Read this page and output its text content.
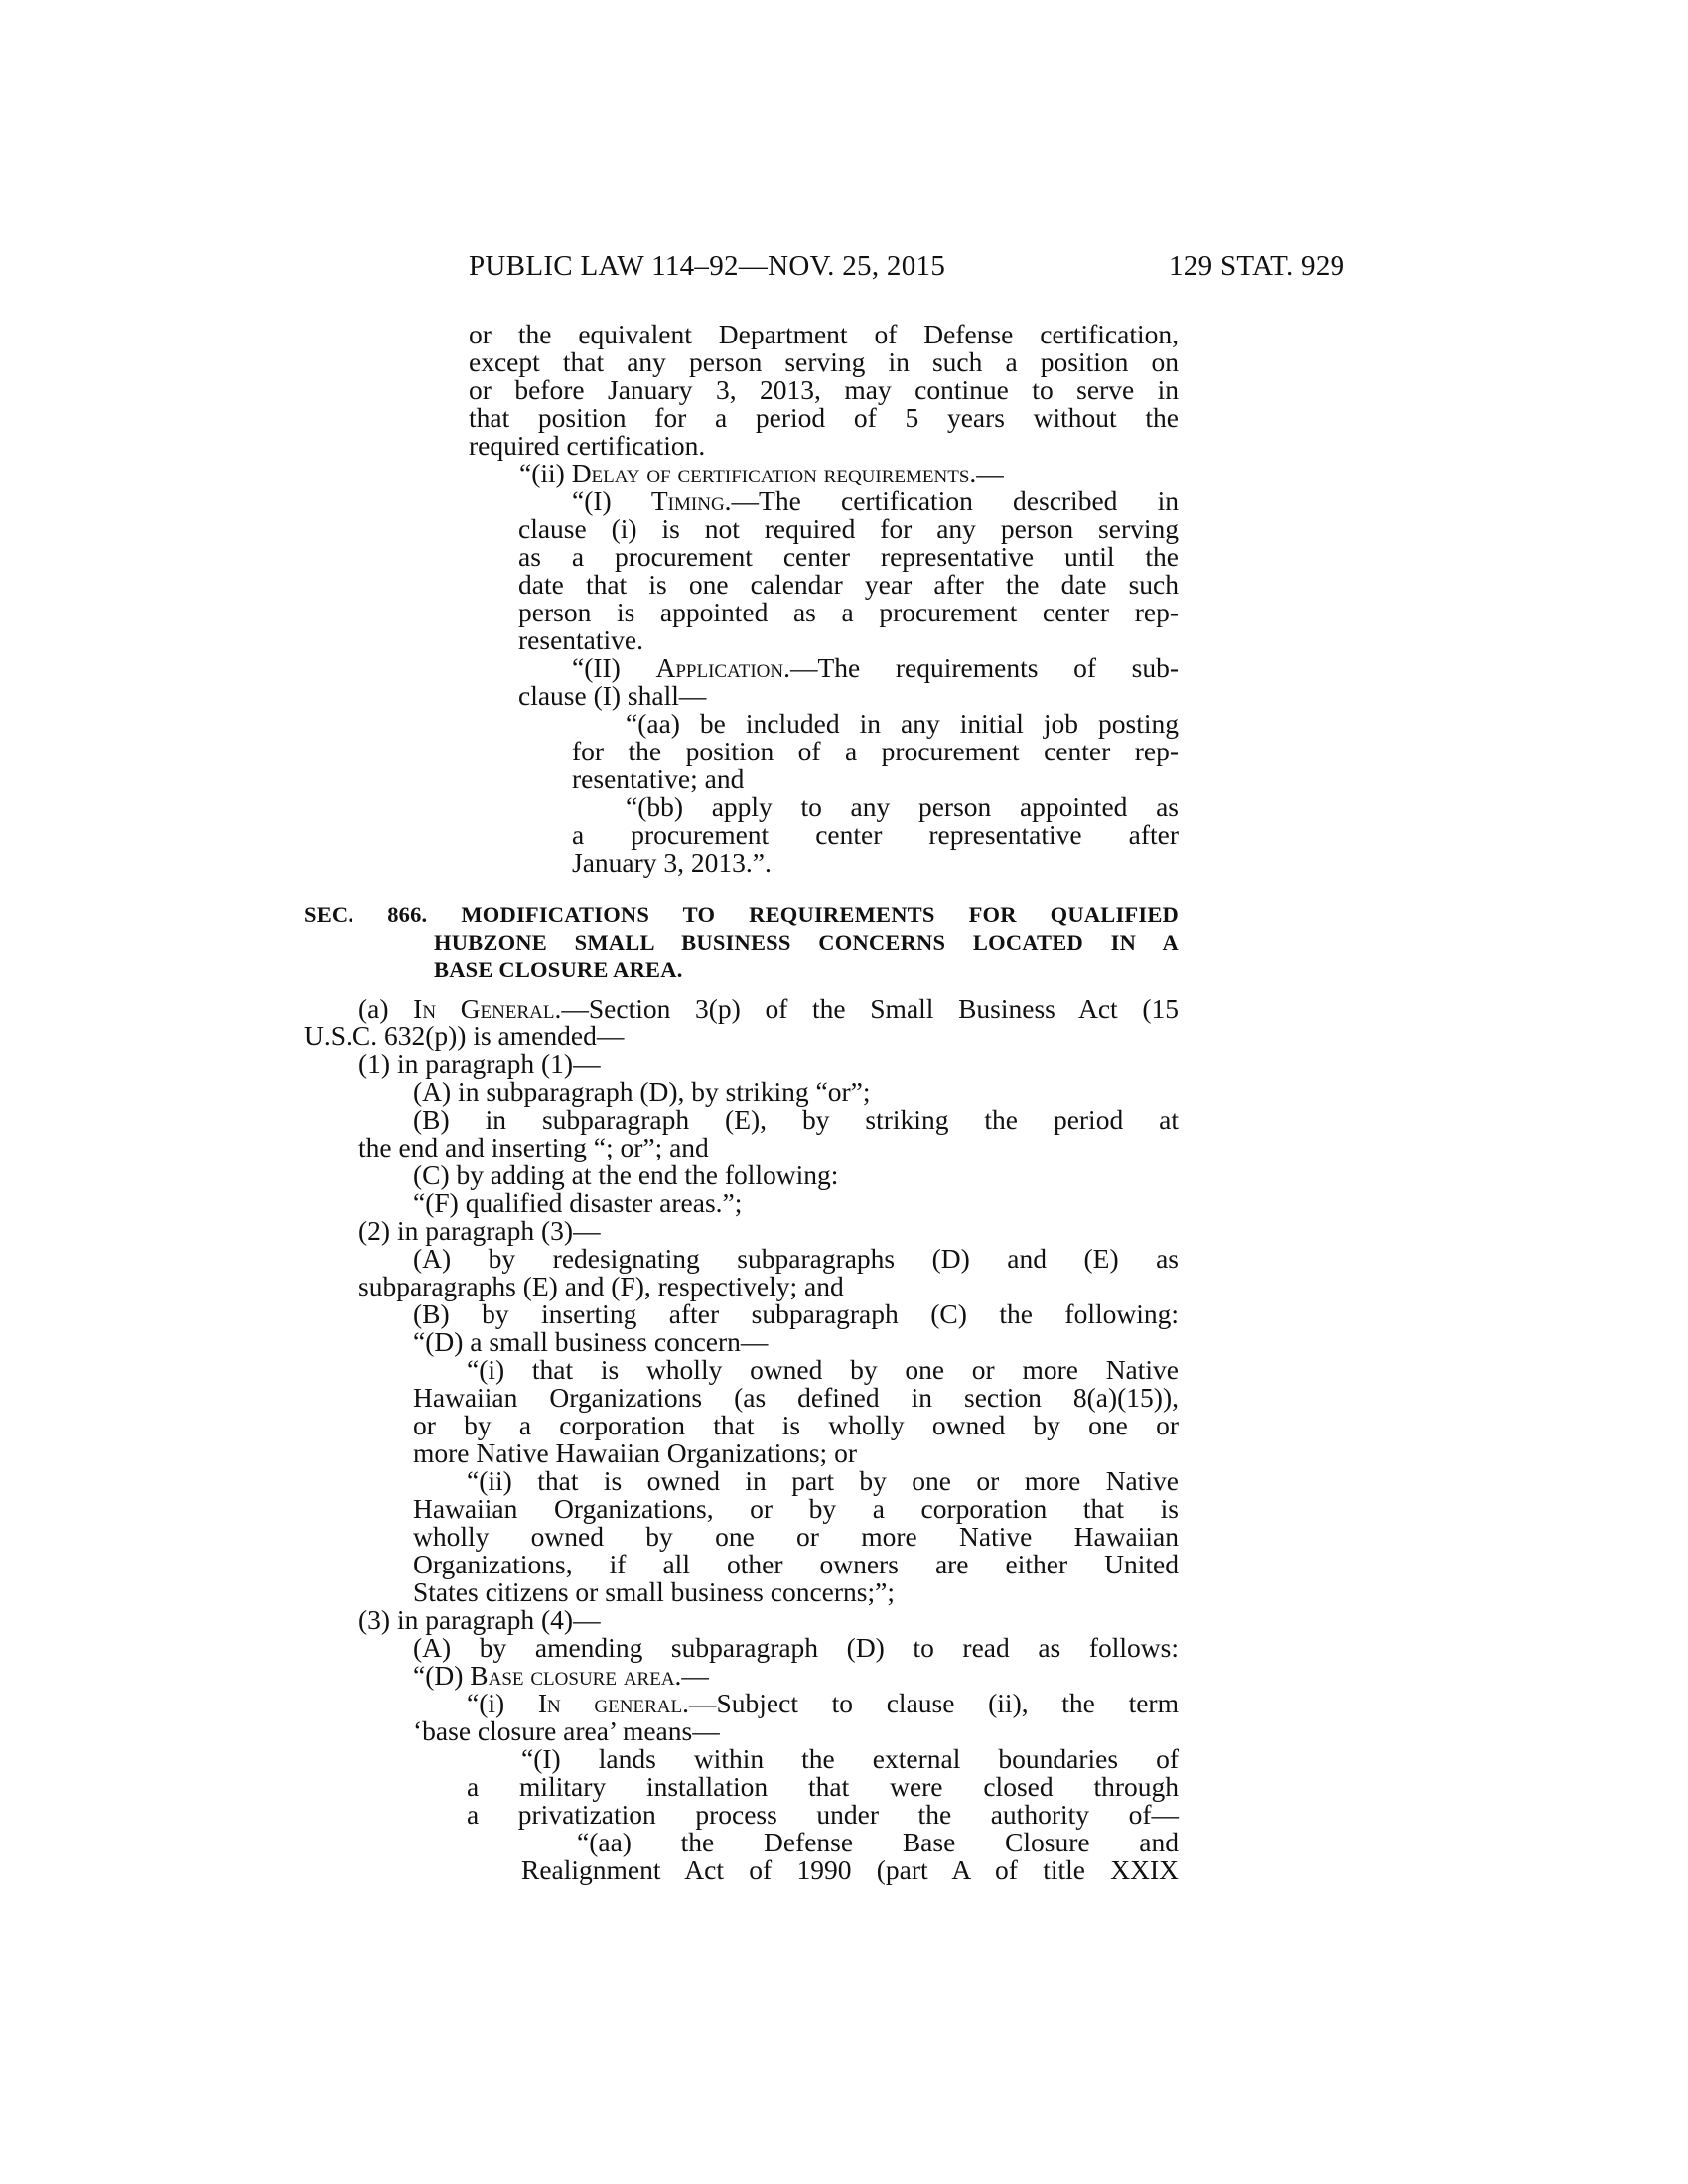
PUBLIC LAW 114–92—NOV. 25, 2015	129 STAT. 929
or the equivalent Department of Defense certification,
except that any person serving in such a position on
or before January 3, 2013, may continue to serve in
that position for a period of 5 years without the
required certification.
“(ii) Delay of certification requirements.—
“(I) Timing.—The certification described in
clause (i) is not required for any person serving
as a procurement center representative until the
date that is one calendar year after the date such
person is appointed as a procurement center rep-
resentative.
“(II) Application.—The requirements of sub-
clause (I) shall—
“(aa) be included in any initial job posting
for the position of a procurement center rep-
resentative; and
“(bb) apply to any person appointed as
a procurement center representative after
January 3, 2013.”.
SEC. 866. MODIFICATIONS TO REQUIREMENTS FOR QUALIFIED
HUBZONE SMALL BUSINESS CONCERNS LOCATED IN A
BASE CLOSURE AREA.
(a) In General.—Section 3(p) of the Small Business Act (15
U.S.C. 632(p)) is amended—
(1) in paragraph (1)—
(A) in subparagraph (D), by striking “or”;
(B) in subparagraph (E), by striking the period at
the end and inserting “; or”; and
(C) by adding at the end the following:
“(F) qualified disaster areas.”;
(2) in paragraph (3)—
(A) by redesignating subparagraphs (D) and (E) as
subparagraphs (E) and (F), respectively; and
(B) by inserting after subparagraph (C) the following:
“(D) a small business concern—
“(i) that is wholly owned by one or more Native
Hawaiian Organizations (as defined in section 8(a)(15)),
or by a corporation that is wholly owned by one or
more Native Hawaiian Organizations; or
“(ii) that is owned in part by one or more Native
Hawaiian Organizations, or by a corporation that is
wholly owned by one or more Native Hawaiian
Organizations, if all other owners are either United
States citizens or small business concerns;”;
(3) in paragraph (4)—
(A) by amending subparagraph (D) to read as follows:
“(D) Base closure area.—
“(i) In general.—Subject to clause (ii), the term
‘base closure area’ means—
“(I) lands within the external boundaries of
a military installation that were closed through
a privatization process under the authority of—
“(aa) the Defense Base Closure and
Realignment Act of 1990 (part A of title XXIX
